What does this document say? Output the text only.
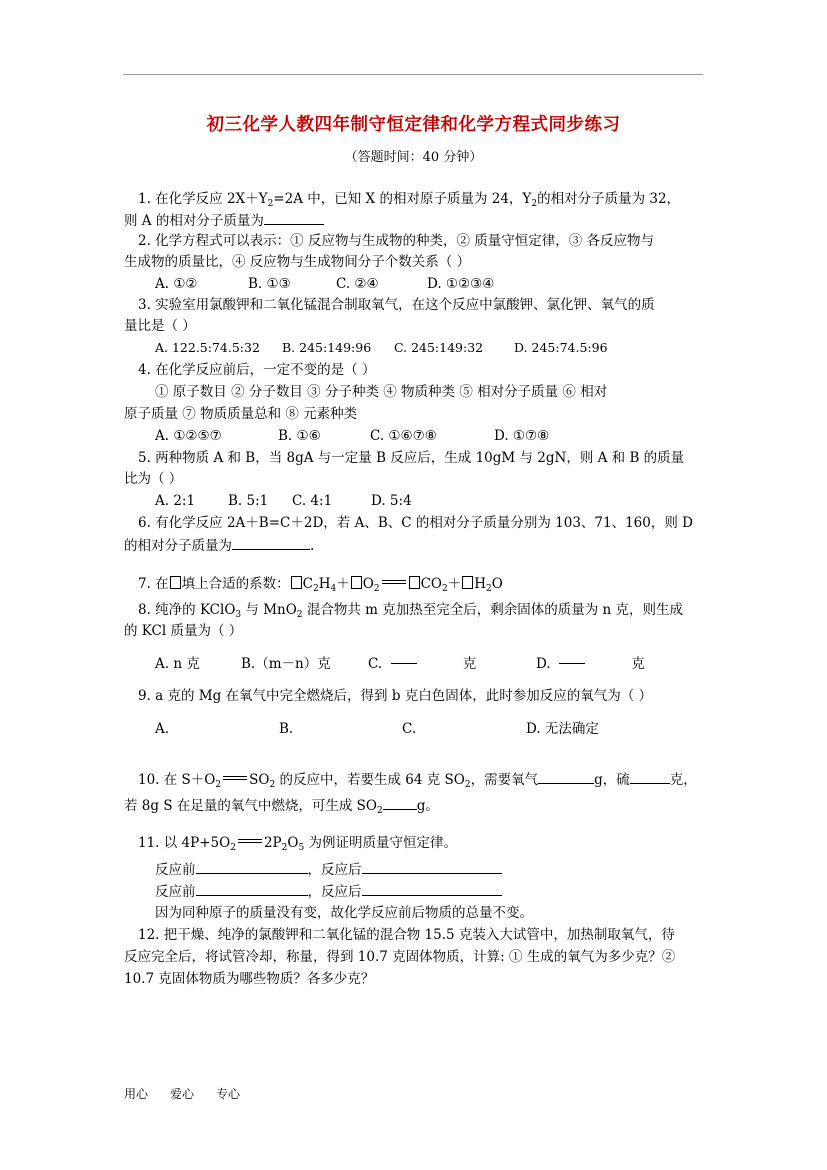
初三化学人教四年制守恒定律和化学方程式同步练习
（答题时间：40 分钟）
1. 在化学反应 $2X+Y_2=2A$ 中，已知 X 的相对原子质量为 24，$Y_2$的相对分子质量为 32，
则 A 的相对分子质量为
2. 化学方程式可以表示：① 反应物与生成物的种类，② 质量守恒定律，③ 各反应物与
生成物的质量比，④ 反应物与生成物间分子个数关系（ ）
A. ①②	B. ①③	C. ②④	D. ①②③④
3. 实验室用氯酸钾和二氧化锰混合制取氧气，在这个反应中氯酸钾、氯化钾、氧气的质
量比是（ ）
A. 122.5:74.5:32 B. 245:149:96 C. 245:149:32 D. 245:74.5:96
4. 在化学反应前后，一定不变的是（ ）
① 原子数目 ② 分子数目 ③ 分子种类 ④ 物质种类 ⑤ 相对分子质量 ⑥ 相对
原子质量 ⑦ 物质质量总和 ⑧ 元素种类
A. ①②⑤⑦	B. ①⑥	C. ①⑥⑦⑧	D. ①⑦⑧
5. 两种物质 A 和 B，当 8gA 与一定量 B 反应后，生成 10gM 与 2gN，则 A 和 B 的质量
比为（ ）
A. 2:1 B. 5:1 C. 4:1	D. 5:4
6. 有化学反应 2A＋B=C＋2D，若 A、B、C 的相对分子质量分别为 103、71、160，则 D
的相对分子质量为	.
7. 在 填上合适的系数： $C_2H_4+ O_2$	$CO_2+ H_2O$
8. 纯净的 KClO$_3$ 与 MnO$_2$ 混合物共 m 克加热至完全后，剩余固体的质量为 n 克，则生成
的 KCl 质量为（ ）
A. n 克	B.（m－n）克	C.	克	D.	克
9. a 克的 Mg 在氧气中完全燃烧后，得到 b 克白色固体，此时参加反应的氧气为（ ）
A.	B.	C.	D. 无法确定
10. 在 $S+O_2$ $SO_2$ 的反应中，若要生成 64 克 $SO_2$，需要氧气	g，硫	克，
若 8g S 在足量的氧气中燃烧，可生成 $SO_2$	g。
11. 以 $4P+5O_2$ $2P_2O_5$ 为例证明质量守恒定律。
反应前	，反应后
反应前	，反应后
因为同种原子的质量没有变，故化学反应前后物质的总量不变。
12. 把干燥、纯净的氯酸钾和二氧化锰的混合物 15.5 克装入大试管中，加热制取氧气，待
反应完全后，将试管冷却，称量，得到 10.7 克固体物质，计算: ① 生成的氧气为多少克？②
10.7 克固体物质为哪些物质？各多少克？
用心 爱心 专心
